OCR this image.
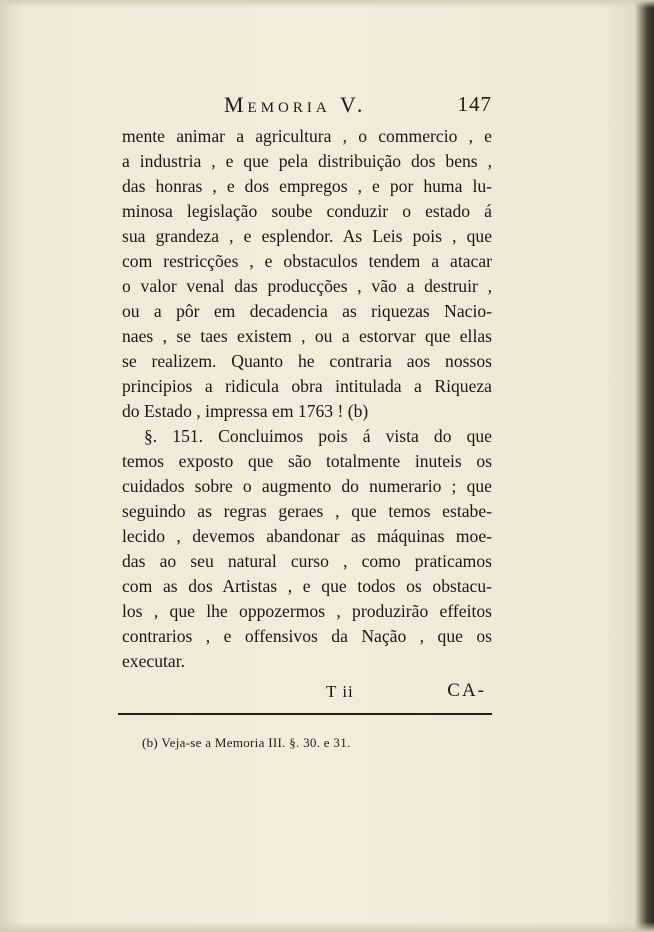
Memoria V.	147
mente animar a agricultura , o commercio , e
a industria , e que pela distribuição dos bens ,
das honras , e dos empregos , e por huma lu-
minosa legislação soube conduzir o estado á
sua grandeza , e esplendor. As Leis pois , que
com restricções , e obstaculos tendem a atacar
o valor venal das producções , vão a destruir ,
ou a pôr em decadencia as riquezas Nacio-
naes , se taes existem , ou a estorvar que ellas
se realizem. Quanto he contraria aos nossos
principios a ridicula obra intitulada a Riqueza
do Estado , impressa em 1763 ! (b)
§. 151. Concluimos pois á vista do que
temos exposto que são totalmente inuteis os
cuidados sobre o augmento do numerario ; que
seguindo as regras geraes , que temos estabe-
lecido , devemos abandonar as máquinas moe-
das ao seu natural curso , como praticamos
com as dos Artistas , e que todos os obstacu-
los , que lhe oppozermos , produzirão effeitos
contrarios , e offensivos da Nação , que os
executar.
T ii	CA-
(b) Veja-se a Memoria III. §. 30. e 31.
